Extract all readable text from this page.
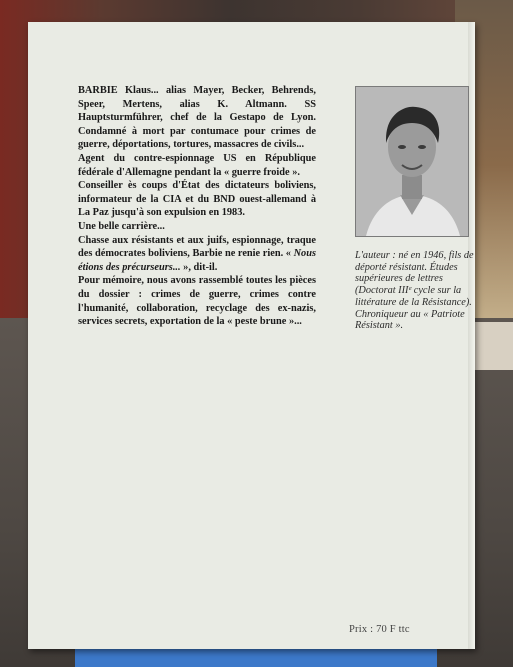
BARBIE Klaus... alias Mayer, Becker, Behrends, Speer, Mertens, alias K. Altmann. SS Hauptsturmführer, chef de la Gestapo de Lyon. Condamné à mort par contumace pour crimes de guerre, déportations, tortures, massacres de civils...

Agent du contre-espionnage US en République fédérale d'Allemagne pendant la « guerre froide ».

Conseiller ès coups d'État des dictateurs boliviens, informateur de la CIA et du BND ouest-allemand à La Paz jusqu'à son expulsion en 1983.

Une belle carrière...

Chasse aux résistants et aux juifs, espionnage, traque des démocrates boliviens, Barbie ne renie rien. « Nous étions des précurseurs... », dit-il.

Pour mémoire, nous avons rassemblé toutes les pièces du dossier : crimes de guerre, crimes contre l'humanité, collaboration, recyclage des ex-nazis, services secrets, exportation de la « peste brune »...

L'auteur : né en 1946, fils de déporté résistant. Études supérieures de lettres (Doctorat IIIᵉ cycle sur la littérature de la Résistance). Chroniqueur au « Patriote Résistant ».
Prix : 70 F ttc
